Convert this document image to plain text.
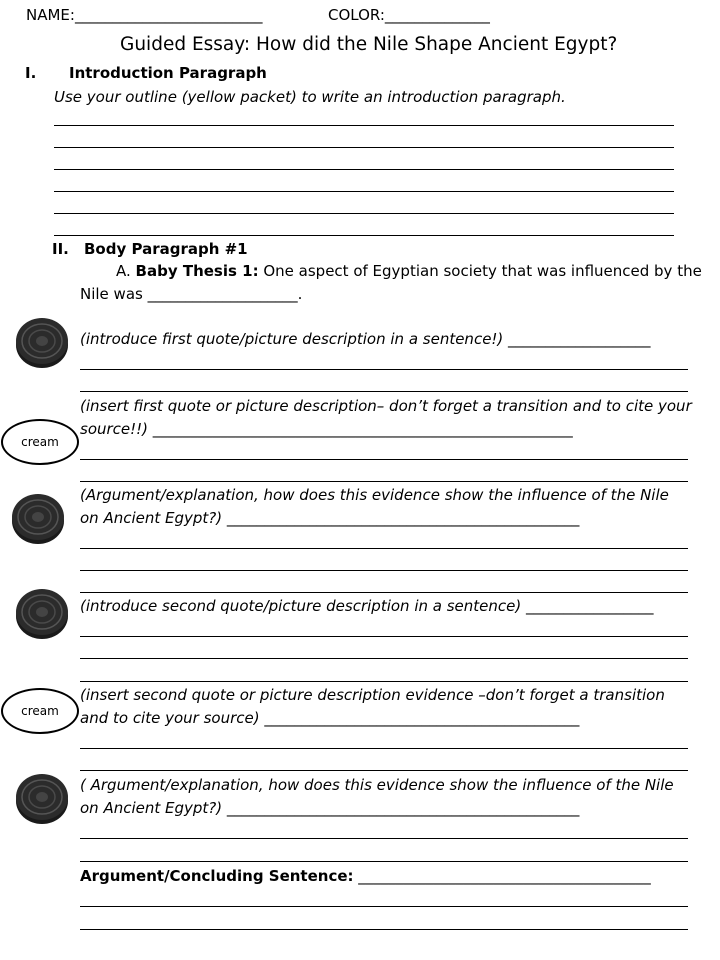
NAME:_________________________	COLOR:______________
Guided Essay: How did the Nile Shape Ancient Egypt?
I. Introduction Paragraph
Use your outline (yellow packet) to write an introduction paragraph.
II. Body Paragraph #1
A. Baby Thesis 1: One aspect of Egyptian society that was influenced by the
Nile was ____________________.
(introduce first quote/picture description in a sentence!) ___________________
(insert first quote or picture description– don’t forget a transition and to cite your
source!!) ________________________________________________________
(Argument/explanation, how does this evidence show the influence of the Nile
on Ancient Egypt?) _______________________________________________
(introduce second quote/picture description in a sentence) _________________
(insert second quote or picture description evidence –don’t forget a transition
and to cite your source) __________________________________________
( Argument/explanation, how does this evidence show the influence of the Nile
on Ancient Egypt?) _______________________________________________
Argument/Concluding Sentence: _______________________________________
cream
cream
